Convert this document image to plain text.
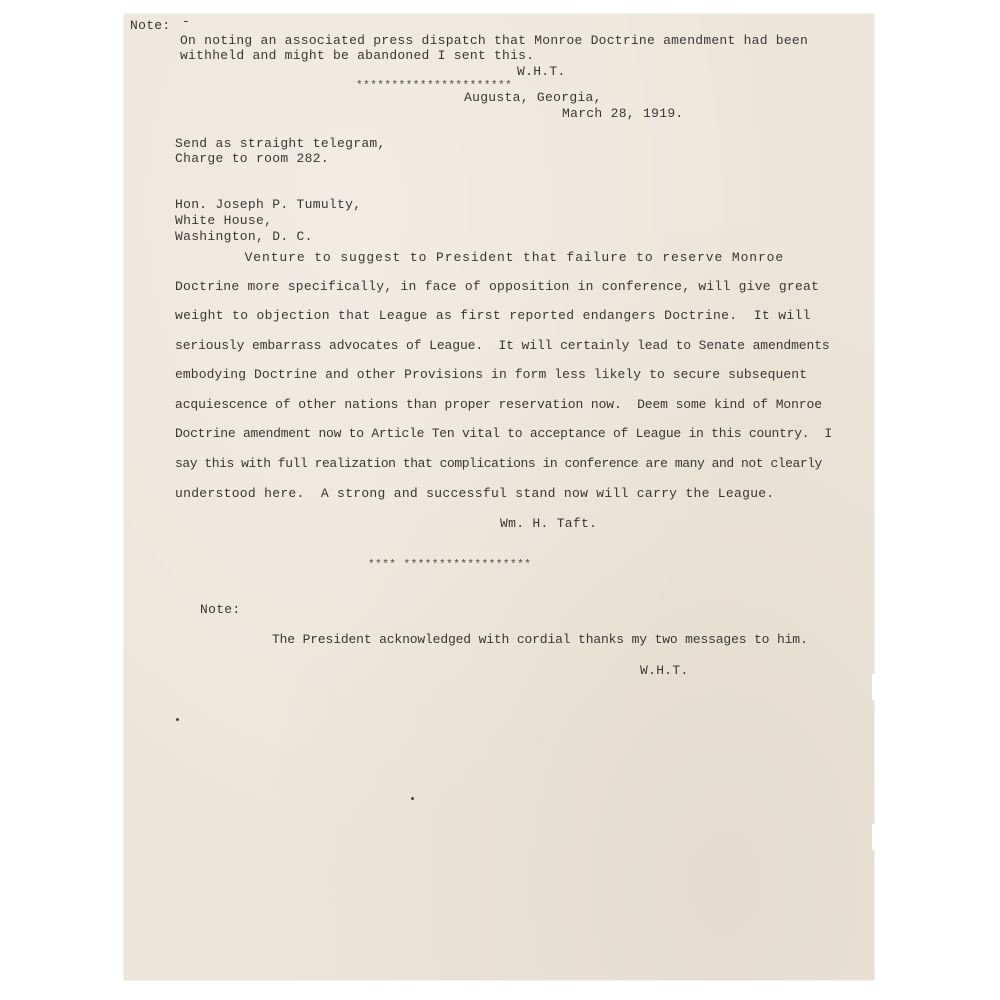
Note: -
On noting an associated press dispatch that Monroe Doctrine amendment had been
withheld and might be abandoned I sent this.
W.H.T.
**********************
Augusta, Georgia,
March 28, 1919.
Send as straight telegram,
Charge to room 282.
Hon. Joseph P. Tumulty,
White House,
Washington, D. C.
Venture to suggest to President that failure to reserve Monroe
Doctrine more specifically, in face of opposition in conference, will give great
weight to objection that League as first reported endangers Doctrine.  It will
seriously embarrass advocates of League.  It will certainly lead to Senate amendments
embodying Doctrine and other Provisions in form less likely to secure subsequent
acquiescence of other nations than proper reservation now.  Deem some kind of Monroe
Doctrine amendment now to Article Ten vital to acceptance of League in this country.  I
say this with full realization that complications in conference are many and not clearly
understood here.  A strong and successful stand now will carry the League.
Wm. H. Taft.
**** ******************
Note:
The President acknowledged with cordial thanks my two messages to him.
W.H.T.
